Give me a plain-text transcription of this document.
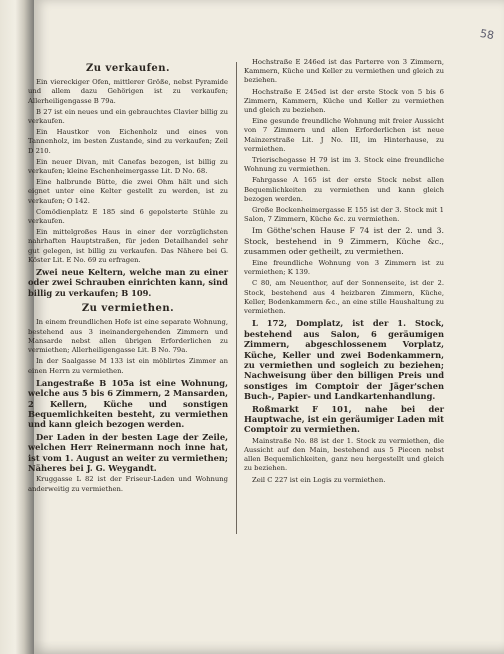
58
Zu verkaufen.

Ein viereckiger Ofen, mittlerer Größe, nebst Pyramide und allem dazu Gehörigen ist zu verkaufen; Allerheiligengasse B 79a.

B 27 ist ein neues und ein gebrauchtes Clavier billig zu verkaufen.

Ein Haustkor von Eichenholz und eines von Tannenholz, im besten Zustande, sind zu verkaufen; Zeil D 210.

Ein neuer Divan, mit Canefas bezogen, ist billig zu verkaufen; kleine Eschenheimergasse Lit. D No. 68.

Eine halbrunde Bütte, die zwei Ohm hält und sich eignet unter eine Kelter gestellt zu werden, ist zu verkaufen; O 142.

Comödienplatz E 185 sind 6 gepolsterte Stühle zu verkaufen.

Ein mittelgroßes Haus in einer der vorzüglichsten nahrhaften Hauptstraßen, für jeden Detailhandel sehr gut gelegen, ist billig zu verkaufen. Das Nähere bei G. Köster Lit. E No. 69 zu erfragen.

Zwei neue Keltern, welche man zu einer oder zwei Schrauben einrichten kann, sind billig zu verkaufen; B 109.

Zu vermiethen.

In einem freundlichen Hofe ist eine separate Wohnung, bestehend aus 3 ineinandergehenden Zimmern und Mansarde nebst allen übrigen Erforderlichen zu vermiethen; Allerheiligengasse Lit. B No. 79a.

In der Saalgasse M 133 ist ein möblirtes Zimmer an einen Herrn zu vermiethen.

Langestraße B 105a ist eine Wohnung, welche aus 5 bis 6 Zimmern, 2 Mansarden, 2 Kellern, Küche und sonstigen Bequemlichkeiten besteht, zu vermiethen und kann gleich bezogen werden.

Der Laden in der besten Lage der Zeile, welchen Herr Reinermann noch inne hat, ist vom 1. August an weiter zu vermiethen; Näheres bei J. G. Weygandt.

Kruggasse L 82 ist der Friseur-Laden und Wohnung anderweitig zu vermiethen.

Hochstraße E 246ed ist das Parterre von 3 Zimmern, Kammern, Küche und Keller zu vermiethen und gleich zu beziehen.

Hochstraße E 245ed ist der erste Stock von 5 bis 6 Zimmern, Kammern, Küche und Keller zu vermiethen und gleich zu beziehen.

Eine gesunde freundliche Wohnung mit freier Aussicht von 7 Zimmern und allen Erforderlichen ist neue Mainzerstraße Lit. J No. III, im Hinterhause, zu vermiethen.

Trierischegasse H 79 ist im 3. Stock eine freundliche Wohnung zu vermiethen.

Fahrgasse A 165 ist der erste Stock nebst allen Bequemlichkeiten zu vermiethen und kann gleich bezogen werden.

Große Bockenheimergasse E 155 ist der 3. Stock mit 1 Salon, 7 Zimmern, Küche &c. zu vermiethen.

Im Göthe'schen Hause F 74 ist der 2. und 3. Stock, bestehend in 9 Zimmern, Küche &c., zusammen oder getheilt, zu vermiethen.

Eine freundliche Wohnung von 3 Zimmern ist zu vermiethen; K 139.

C 80, am Neuenthor, auf der Sonnenseite, ist der 2. Stock, bestehend aus 4 heizbaren Zimmern, Küche, Keller, Bodenkammern &c., an eine stille Haushaltung zu vermiethen.

L 172, Domplatz, ist der 1. Stock, bestehend aus Salon, 6 geräumigen Zimmern, abgeschlossenem Vorplatz, Küche, Keller und zwei Bodenkammern, zu vermiethen und sogleich zu beziehen; Nachweisung über den billigen Preis und sonstiges im Comptoir der Jäger'schen Buch-, Papier- und Landkartenhandlung.

Roßmarkt F 101, nahe bei der Hauptwache, ist ein geräumiger Laden mit Comptoir zu vermiethen.

Mainstraße No. 88 ist der 1. Stock zu vermiethen, die Aussicht auf den Main, bestehend aus 5 Piecen nebst allen Bequemlichkeiten, ganz neu hergestellt und gleich zu beziehen.

Zeil C 227 ist ein Logis zu vermiethen.
